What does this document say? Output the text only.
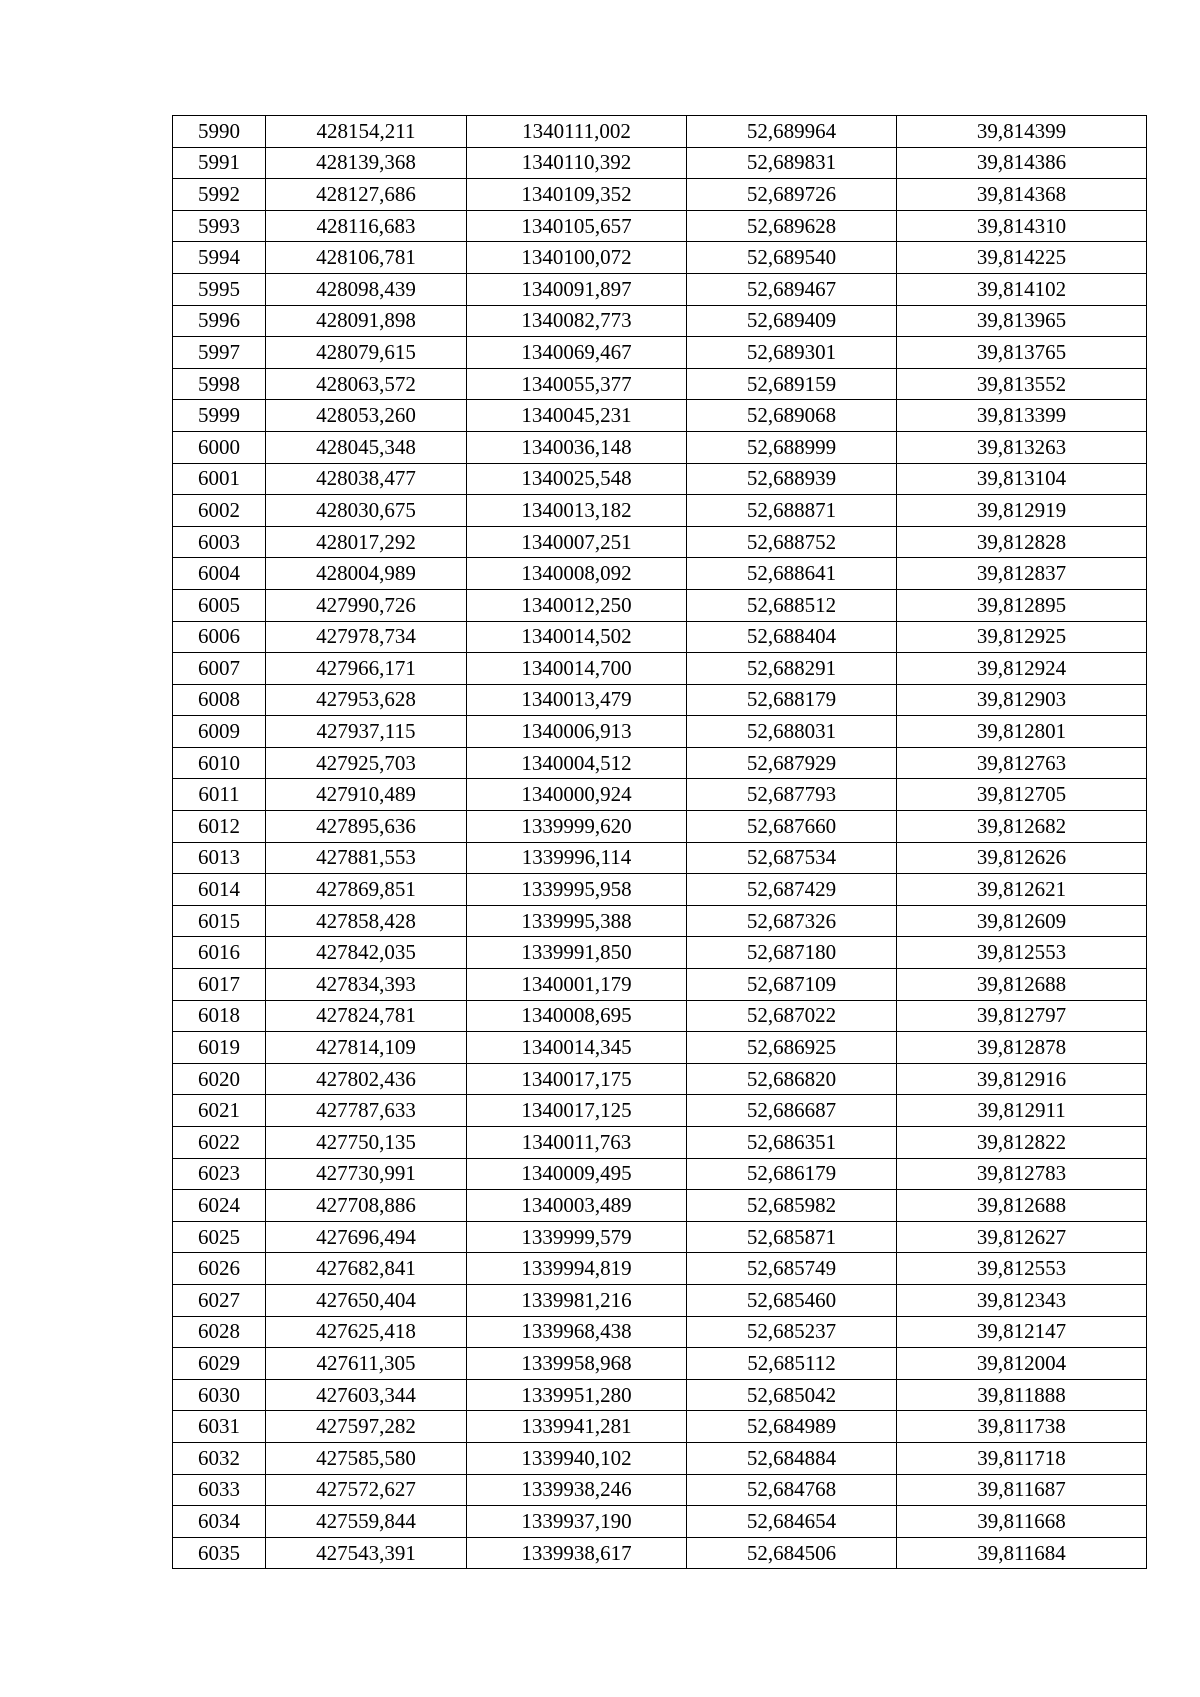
5990	428154,211	1340111,002	52,689964	39,814399
5991	428139,368	1340110,392	52,689831	39,814386
5992	428127,686	1340109,352	52,689726	39,814368
5993	428116,683	1340105,657	52,689628	39,814310
5994	428106,781	1340100,072	52,689540	39,814225
5995	428098,439	1340091,897	52,689467	39,814102
5996	428091,898	1340082,773	52,689409	39,813965
5997	428079,615	1340069,467	52,689301	39,813765
5998	428063,572	1340055,377	52,689159	39,813552
5999	428053,260	1340045,231	52,689068	39,813399
6000	428045,348	1340036,148	52,688999	39,813263
6001	428038,477	1340025,548	52,688939	39,813104
6002	428030,675	1340013,182	52,688871	39,812919
6003	428017,292	1340007,251	52,688752	39,812828
6004	428004,989	1340008,092	52,688641	39,812837
6005	427990,726	1340012,250	52,688512	39,812895
6006	427978,734	1340014,502	52,688404	39,812925
6007	427966,171	1340014,700	52,688291	39,812924
6008	427953,628	1340013,479	52,688179	39,812903
6009	427937,115	1340006,913	52,688031	39,812801
6010	427925,703	1340004,512	52,687929	39,812763
6011	427910,489	1340000,924	52,687793	39,812705
6012	427895,636	1339999,620	52,687660	39,812682
6013	427881,553	1339996,114	52,687534	39,812626
6014	427869,851	1339995,958	52,687429	39,812621
6015	427858,428	1339995,388	52,687326	39,812609
6016	427842,035	1339991,850	52,687180	39,812553
6017	427834,393	1340001,179	52,687109	39,812688
6018	427824,781	1340008,695	52,687022	39,812797
6019	427814,109	1340014,345	52,686925	39,812878
6020	427802,436	1340017,175	52,686820	39,812916
6021	427787,633	1340017,125	52,686687	39,812911
6022	427750,135	1340011,763	52,686351	39,812822
6023	427730,991	1340009,495	52,686179	39,812783
6024	427708,886	1340003,489	52,685982	39,812688
6025	427696,494	1339999,579	52,685871	39,812627
6026	427682,841	1339994,819	52,685749	39,812553
6027	427650,404	1339981,216	52,685460	39,812343
6028	427625,418	1339968,438	52,685237	39,812147
6029	427611,305	1339958,968	52,685112	39,812004
6030	427603,344	1339951,280	52,685042	39,811888
6031	427597,282	1339941,281	52,684989	39,811738
6032	427585,580	1339940,102	52,684884	39,811718
6033	427572,627	1339938,246	52,684768	39,811687
6034	427559,844	1339937,190	52,684654	39,811668
6035	427543,391	1339938,617	52,684506	39,811684
